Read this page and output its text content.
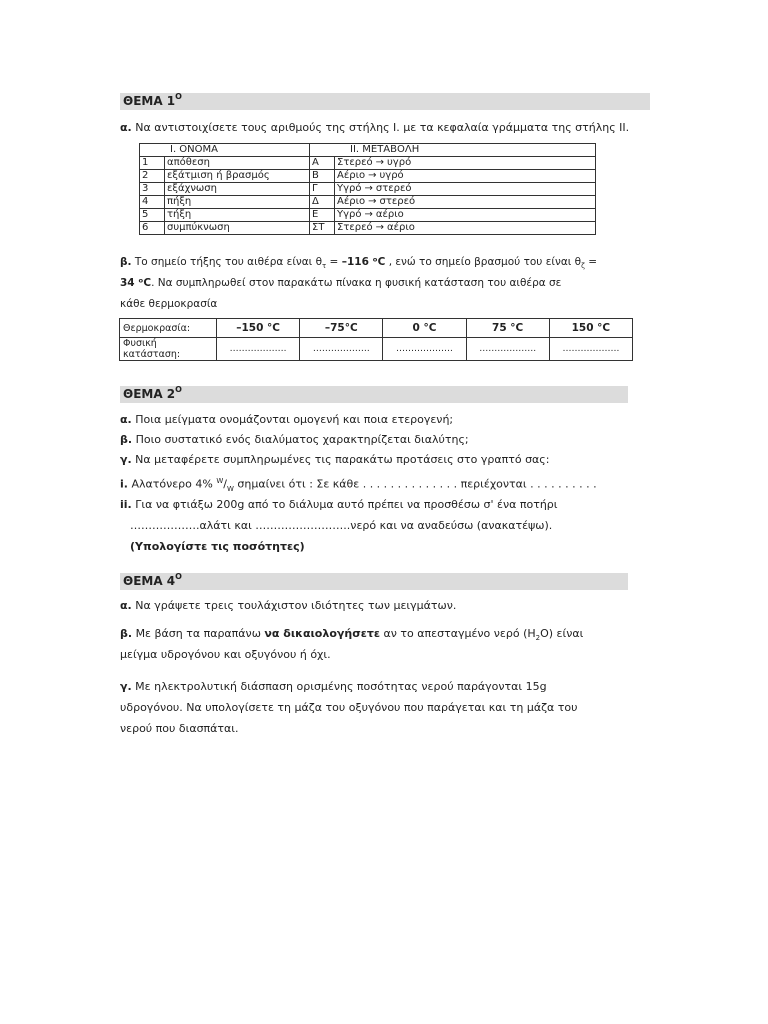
ΘΕΜΑ $1^O$
α. Να αντιστοιχίσετε τους αριθμούς της στήλης Ι. με τα κεφαλαία γράμματα της στήλης ΙΙ.
Ι. ΟΝΟΜΑ		ΙΙ. ΜΕΤΑΒΟΛΗ	
1	απόθεση	Α	Στερεό → υγρό
2	εξάτμιση ή βρασμός	Β	Αέριο → υγρό
3	εξάχνωση	Γ	Υγρό → στερεό
4	πήξη	Δ	Αέριο → στερεό
5	τήξη	Ε	Υγρό → αέριο
6	συμπύκνωση	ΣΤ	Στερεό → αέριο
β. Το σημείο τήξης του αιθέρα είναι $\theta_\tau = -116$ ᵒC , ενώ το σημείο βρασμού του είναι $\theta_\zeta$ =
34 ᵒC. Να συμπληρωθεί στον παρακάτω πίνακα η φυσική κατάσταση του αιθέρα σε
κάθε θερμοκρασία
Θερμοκρασία:	–150 °C	–75°C	0 °C	75 °C	150 °C
Φυσική κατάσταση:	……………….	……………….	……………….	……………….	……………….
ΘΕΜΑ $2^O$
α. Ποια μείγματα ονομάζονται ομογενή και ποια ετερογενή;
β. Ποιο συστατικό ενός διαλύματος χαρακτηρίζεται διαλύτης;
γ. Να μεταφέρετε συμπληρωμένες τις παρακάτω προτάσεις στο γραπτό σας:
i. Αλατόνερο 4% $^W/_W$ σημαίνει ότι : Σε κάθε . . . . . . . . . . . . . . περιέχονται . . . . . . . . . .
ii. Για να φτιάξω 200g από το διάλυμα αυτό πρέπει να προσθέσω σ' ένα ποτήρι
……………….αλάτι και ……………………..νερό και να αναδεύσω (ανακατέψω).
(Υπολογίστε τις ποσότητες)
ΘΕΜΑ $4^O$
α. Να γράψετε τρεις τουλάχιστον ιδιότητες των μειγμάτων.
β. Με βάση τα παραπάνω να δικαιολογήσετε αν το απεσταγμένο νερό $(H_2O)$ είναι
μείγμα υδρογόνου και οξυγόνου ή όχι.
γ. Με ηλεκτρολυτική διάσπαση ορισμένης ποσότητας νερού παράγονται 15g
υδρογόνου. Να υπολογίσετε τη μάζα του οξυγόνου που παράγεται και τη μάζα του
νερού που διασπάται.
